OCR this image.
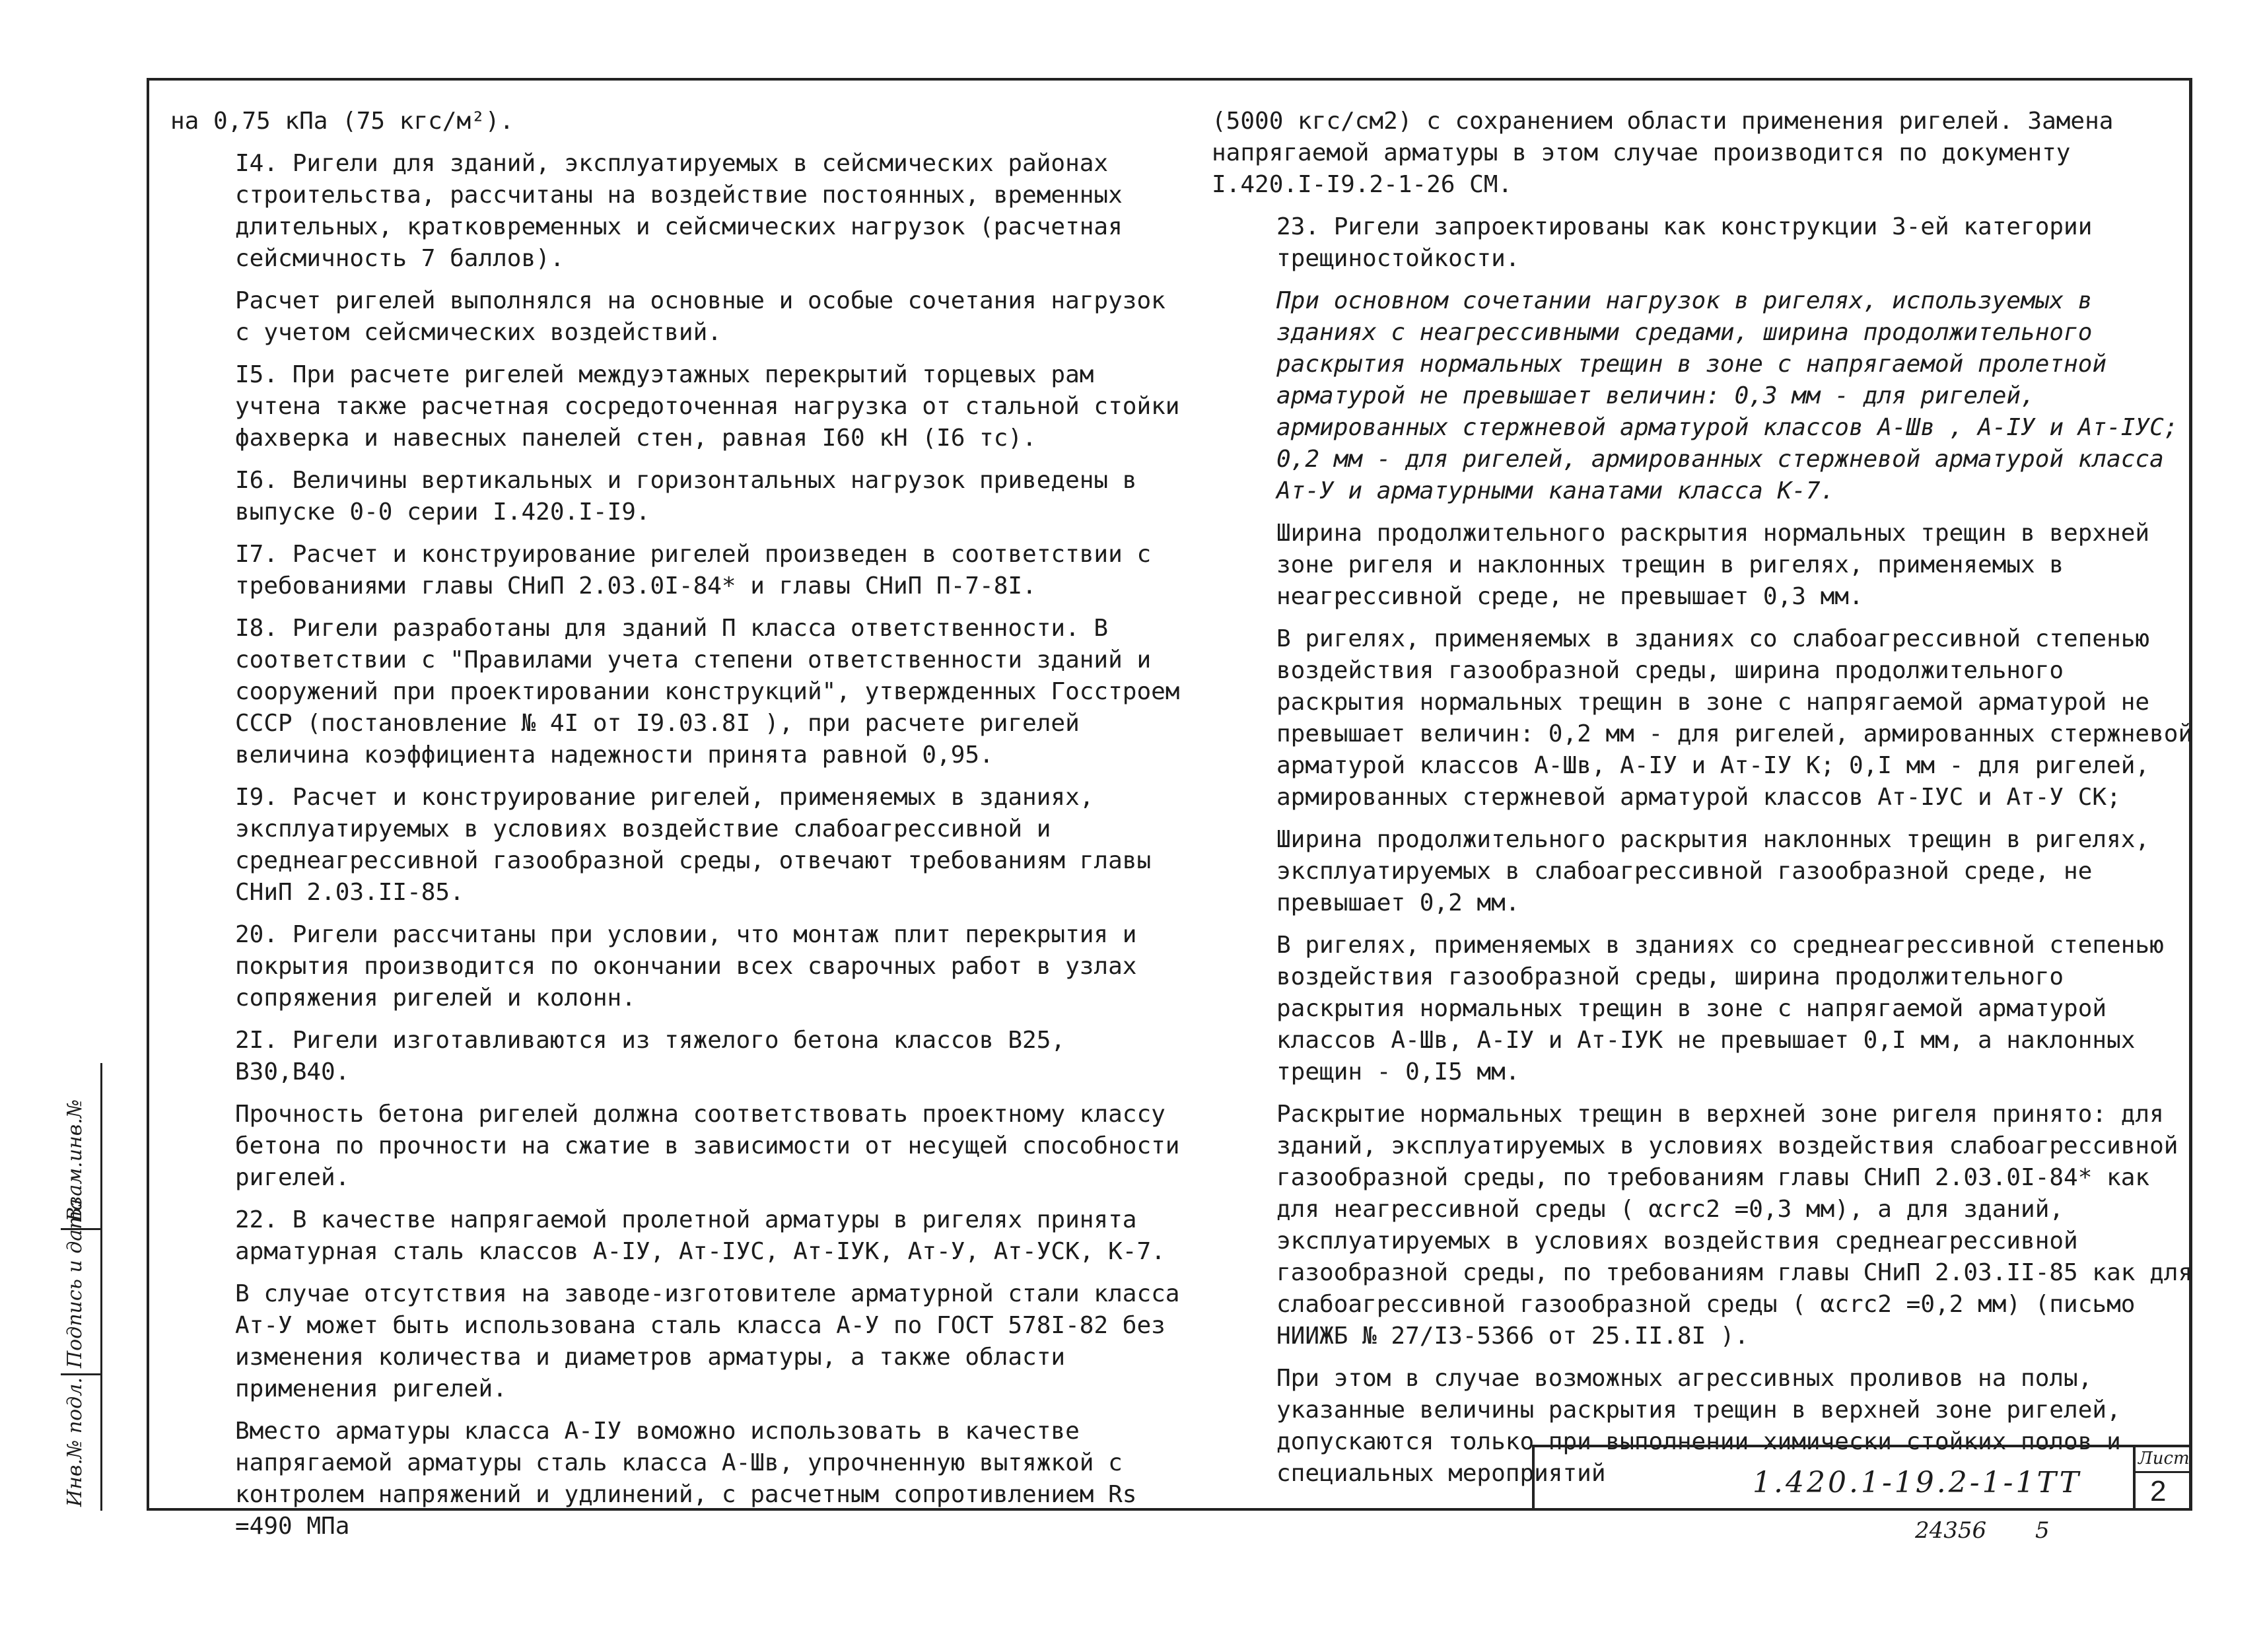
на 0,75 кПа (75 кгс/м²).

I4. Ригели для зданий, эксплуатируемых в сейсмических районах строительства, рассчитаны на воздействие постоянных, временных длительных, кратковременных и сейсмических нагрузок (расчетная сейсмичность 7 баллов).

Расчет ригелей выполнялся на основные и особые сочетания нагрузок с учетом сейсмических воздействий.

I5. При расчете ригелей междуэтажных перекрытий торцевых рам учтена также расчетная сосредоточенная нагрузка от стальной стойки фахверка и навесных панелей стен, равная I60 кН (I6 тс).

I6. Величины вертикальных и горизонтальных нагрузок приведены в выпуске 0-0 серии I.420.I-I9.

I7. Расчет и конструирование ригелей произведен в соответствии с требованиями главы СНиП 2.03.0I-84* и главы СНиП П-7-8I.

I8. Ригели разработаны для зданий П класса ответственности. В соответствии с "Правилами учета степени ответственности зданий и сооружений при проектировании конструкций", утвержденных Госстроем СССР (постановление № 4I от I9.03.8I ), при расчете ригелей величина коэффициента надежности принята равной 0,95.

I9. Расчет и конструирование ригелей, применяемых в зданиях, эксплуатируемых в условиях воздействие слабоагрессивной и среднеагрессивной газообразной среды, отвечают требованиям главы СНиП 2.03.II-85.

20. Ригели рассчитаны при условии, что монтаж плит перекрытия и покрытия производится по окончании всех сварочных работ в узлах сопряжения ригелей и колонн.

2I. Ригели изготавливаются из тяжелого бетона классов В25, В30,В40.

Прочность бетона ригелей должна соответствовать проектному классу бетона по прочности на сжатие в зависимости от несущей способности ригелей.

22. В качестве напрягаемой пролетной арматуры в ригелях принята арматурная сталь классов А-IУ, Ат-IУС, Ат-IУК, Ат-У, Ат-УСК, К-7.

В случае отсутствия на заводе-изготовителе арматурной стали класса Ат-У может быть использована сталь класса А-У по ГОСТ 578I-82 без изменения количества и диаметров арматуры, а также области применения ригелей.

Вместо арматуры класса А-IУ воможно использовать в качестве напрягаемой арматуры сталь класса А-Шв, упрочненную вытяжкой с контролем напряжений и удлинений, с расчетным сопротивлением Rs =490 МПа

(5000 кгс/см2) с сохранением области применения ригелей. Замена напрягаемой арматуры в этом случае производится по документу I.420.I-I9.2-1-26 СМ.

23. Ригели запроектированы как конструкции 3-ей категории трещиностойкости.

При основном сочетании нагрузок в ригелях, используемых в зданиях с неагрессивными средами, ширина продолжительного раскрытия нормальных трещин в зоне с напрягаемой пролетной арматурой не превышает величин: 0,3 мм - для ригелей, армированных стержневой арматурой классов А-Шв , А-IУ и Ат-IУС; 0,2 мм - для ригелей, армированных стержневой арматурой класса Ат-У и арматурными канатами класса К-7.

Ширина продолжительного раскрытия нормальных трещин в верхней зоне ригеля и наклонных трещин в ригелях, применяемых в неагрессивной среде, не превышает 0,3 мм.

В ригелях, применяемых в зданиях со слабоагрессивной степенью воздействия газообразной среды, ширина продолжительного раскрытия нормальных трещин в зоне с напрягаемой арматурой не превышает величин: 0,2 мм - для ригелей, армированных стержневой арматурой классов А-Шв, А-IУ и Ат-IУ К; 0,I мм - для ригелей, армированных стержневой арматурой классов Ат-IУС и Ат-У СК;

Ширина продолжительного раскрытия наклонных трещин в ригелях, эксплуатируемых в слабоагрессивной газообразной среде, не превышает 0,2 мм.

В ригелях, применяемых в зданиях со среднеагрессивной степенью воздействия газообразной среды, ширина продолжительного раскрытия нормальных трещин в зоне с напрягаемой арматурой классов А-Шв, А-IУ и Ат-IУК не превышает 0,I мм, а наклонных трещин - 0,I5 мм.

Раскрытие нормальных трещин в верхней зоне ригеля принято: для зданий, эксплуатируемых в условиях воздействия слабоагрессивной газообразной среды, по требованиям главы СНиП 2.03.0I-84* как для неагрессивной среды ( αcrc2 =0,3 мм), а для зданий, эксплуатируемых в условиях воздействия среднеагрессивной газообразной среды, по требованиям главы СНиП 2.03.II-85 как для слабоагрессивной газообразной среды ( αcrc2 =0,2 мм) (письмо НИИЖБ № 27/I3-5366 от 25.II.8I ).

При этом в случае возможных агрессивных проливов на полы, указанные величины раскрытия трещин в верхней зоне ригелей, допускаются только при выполнении химически стойких полов и специальных мероприятий

Взам.инв.№
Подпись и дата
Инв.№ подл.	1.420.1-19.2-1-1TT
Лист
2
24356 5
